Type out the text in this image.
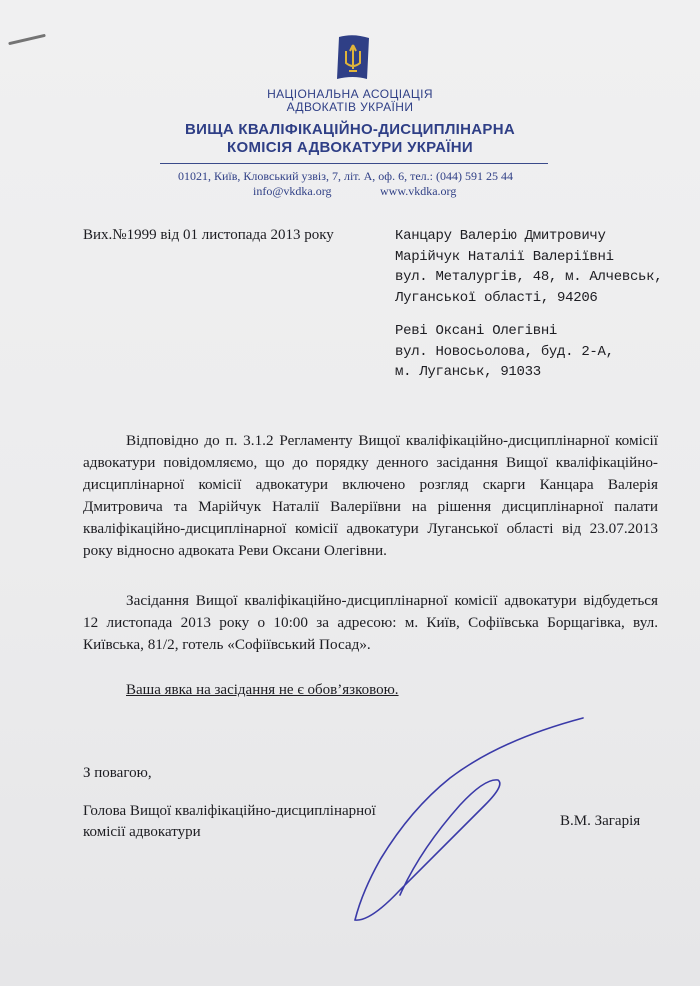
НАЦІОНАЛЬНА АСОЦІАЦІЯ
АДВОКАТІВ УКРАЇНИ
ВИЩА КВАЛІФІКАЦІЙНО-ДИСЦИПЛІНАРНА
КОМІСІЯ АДВОКАТУРИ УКРАЇНИ
01021, Київ, Кловський узвіз, 7, літ. А, оф. 6, тел.: (044) 591 25 44
info@vkdka.org	www.vkdka.org
Вих.№1999 від 01 листопада 2013 року	Канцару Валерію Дмитровичу
Марійчук Наталії Валеріївні
вул. Металургів, 48, м. Алчевськ,
Луганської області, 94206
Реві Оксані Олегівні
вул. Новосьолова, буд. 2-А,
м. Луганськ, 91033

Відповідно до п. 3.1.2 Регламенту Вищої кваліфікаційно-дисциплінарної комісії адвокатури повідомляємо, що до порядку денного засідання Вищої кваліфікаційно-дисциплінарної комісії адвокатури включено розгляд скарги Канцара Валерія Дмитровича та Марійчук Наталії Валеріївни на рішення дисциплінарної палати кваліфікаційно-дисциплінарної комісії адвокатури Луганської області від 23.07.2013 року відносно адвоката Реви Оксани Олегівни.

Засідання Вищої кваліфікаційно-дисциплінарної комісії адвокатури відбудеться 12 листопада 2013 року о 10:00 за адресою: м. Київ, Софіївська Борщагівка, вул. Київська, 81/2, готель «Софіївський Посад».

Ваша явка на засідання не є обов’язковою.
З повагою,
Голова Вищої кваліфікаційно-дисциплінарної
комісії адвокатури
В.М. Загарія
